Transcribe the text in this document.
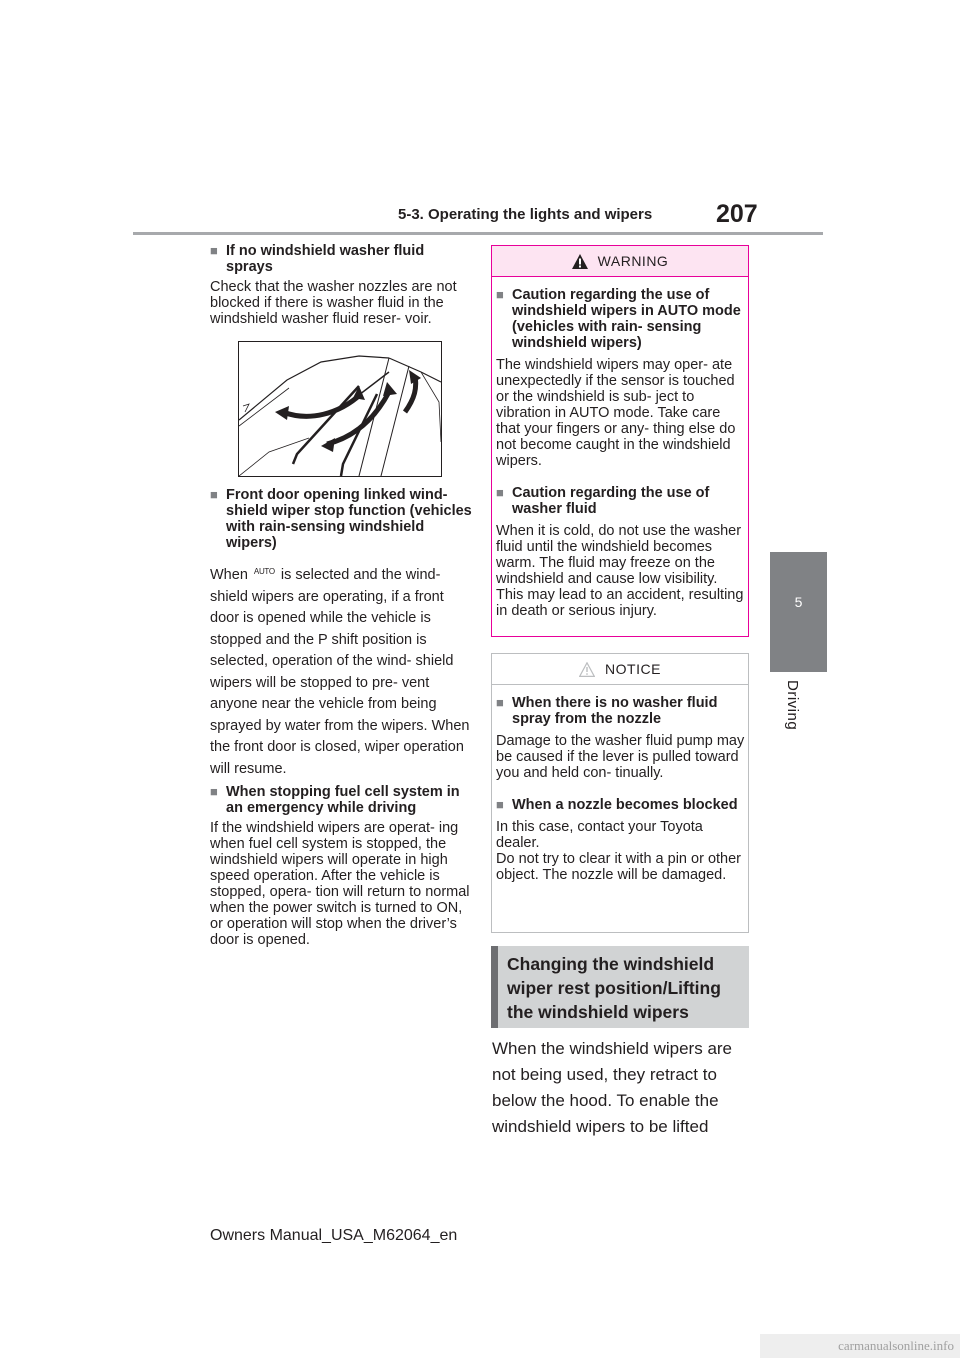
5-3. Operating the lights and wipers	207
5
Driving
■ If no windshield washer fluid sprays
Check that the washer nozzles are not blocked if there is washer fluid in the windshield washer fluid reser- voir.
■ Front door opening linked wind- shield wiper stop function (vehicles with rain-sensing windshield wipers)
When AUTO is selected and the wind- shield wipers are operating, if a front door is opened while the vehicle is stopped and the P shift position is selected, operation of the wind- shield wipers will be stopped to pre- vent anyone near the vehicle from being sprayed by water from the wipers. When the front door is closed, wiper operation will resume.
■ When stopping fuel cell system in an emergency while driving
If the windshield wipers are operat- ing when fuel cell system is stopped, the windshield wipers will operate in high speed operation. After the vehicle is stopped, opera- tion will return to normal when the power switch is turned to ON, or operation will stop when the driver’s door is opened.
WARNING
■ Caution regarding the use of windshield wipers in AUTO mode (vehicles with rain- sensing windshield wipers)
The windshield wipers may oper- ate unexpectedly if the sensor is touched or the windshield is sub- ject to vibration in AUTO mode. Take care that your fingers or any- thing else do not become caught in the windshield wipers.
■ Caution regarding the use of washer fluid
When it is cold, do not use the washer fluid until the windshield becomes warm. The fluid may freeze on the windshield and cause low visibility. This may lead to an accident, resulting in death or serious injury.
NOTICE
■ When there is no washer fluid spray from the nozzle
Damage to the washer fluid pump may be caused if the lever is pulled toward you and held con- tinually.
■ When a nozzle becomes blocked
In this case, contact your Toyota dealer.
Do not try to clear it with a pin or other object. The nozzle will be damaged.
Changing the windshield wiper rest position/Lifting the windshield wipers
When the windshield wipers are not being used, they retract to below the hood. To enable the windshield wipers to be lifted
Owners Manual_USA_M62064_en
carmanualsonline.info
